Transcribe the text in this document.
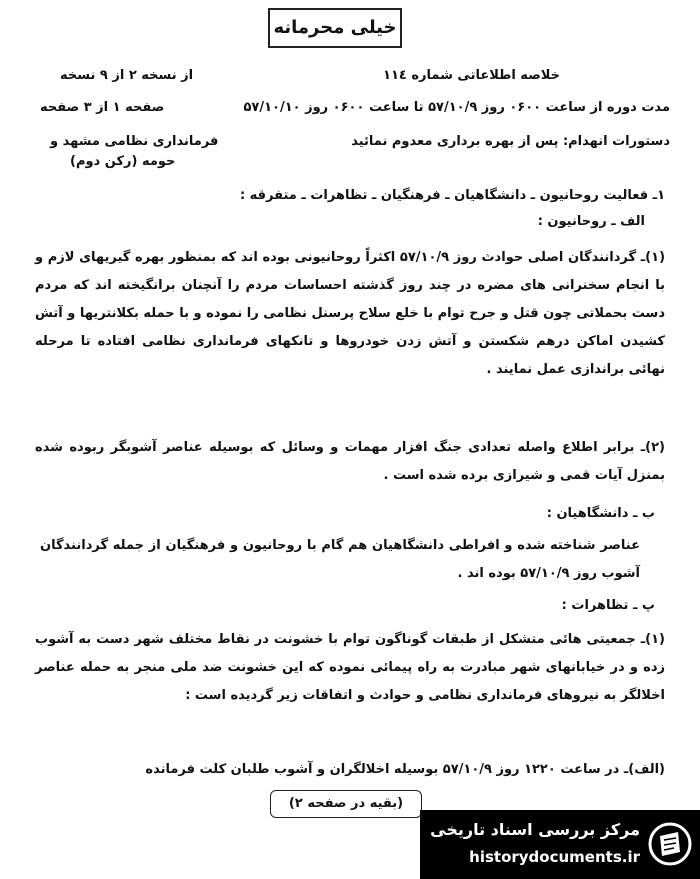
خیلی محرمانه
خلاصه اطلاعاتی شماره ۱۱٤
از نسخه ۲ از ۹ نسخه
مدت دوره از ساعت ۰۶۰۰ روز ۵۷/۱۰/۹ تا ساعت ۰۶۰۰ روز ۵۷/۱۰/۱۰
صفحه ۱ از ۳ صفحه
دستورات انهدام: پس از بهره برداری معدوم نمائید
فرمانداری نظامی مشهد و
حومه (رکن دوم)
۱ـ فعالیت روحانیون ـ دانشگاهیان ـ فرهنگیان ـ تظاهرات ـ متفرقه :
الف ـ روحانیون :
(۱)ـ گردانندگان اصلی حوادث روز ۵۷/۱۰/۹ اکثراً روحانیونی بوده اند که بمنظور بهره گیریهای لازم و با انجام سخنرانی های مضره در چند روز گذشته احساسات مردم را آنچنان برانگیخته اند که مردم دست بحملاتی چون قتل و جرح توام با خلع سلاح پرسنل نظامی را نموده و با حمله بکلانتریها و آتش کشیدن اماکن درهم شکستن و آتش زدن خودروها و تانکهای فرمانداری نظامی افتاده تا مرحله نهائی براندازی عمل نمایند .
(۲)ـ برابر اطلاع واصله تعدادی جنگ افزار مهمات و وسائل که بوسیله عناصر آشوبگر ربوده شده بمنزل آیات قمی و شیرازی برده شده است .
ب ـ دانشگاهیان :
عناصر شناخته شده و افراطی دانشگاهیان هم گام با روحانیون و فرهنگیان از جمله گردانندگان آشوب روز ۵۷/۱۰/۹ بوده اند .
پ ـ تظاهرات :
(۱)ـ جمعیتی هائی متشکل از طبقات گوناگون توام با خشونت در نقاط مختلف شهر دست به آشوب زده و در خیابانهای شهر مبادرت به راه پیمائی نموده که این خشونت ضد ملی منجر به حمله عناصر اخلالگر به نیروهای فرمانداری نظامی و حوادث و اتفاقات زیر گردیده است :
(الف)ـ در ساعت ۱۲۲۰ روز ۵۷/۱۰/۹ بوسیله اخلالگران و آشوب طلبان کلت فرمانده
(بقیه در صفحه ۲)
مرکز بررسی اسناد تاریخی
historydocuments.ir
